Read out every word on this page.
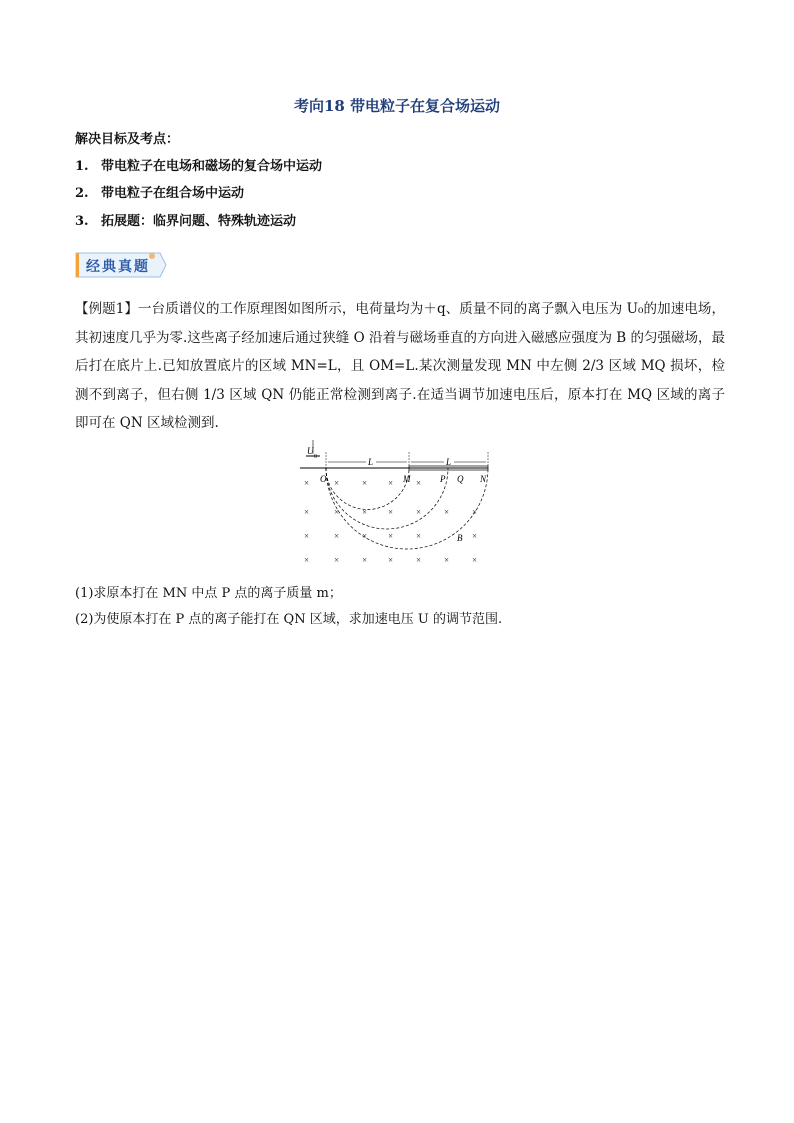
考向18 带电粒子在复合场运动
解决目标及考点：
1. 带电粒子在电场和磁场的复合场中运动
2. 带电粒子在组合场中运动
3. 拓展题：临界问题、特殊轨迹运动
经典真题
【例题1】一台质谱仪的工作原理图如图所示，电荷量均为＋q、质量不同的离子飘入电压为 U₀的加速电场，其初速度几乎为零.这些离子经加速后通过狭缝 O 沿着与磁场垂直的方向进入磁感应强度为 B 的匀强磁场，最后打在底片上.已知放置底片的区域 MN=L，且 OM=L.某次测量发现 MN 中左侧 2/3 区域 MQ 损坏，检测不到离子，但右侧 1/3 区域 QN 仍能正常检测到离子.在适当调节加速电压后，原本打在 MQ 区域的离子即可在 QN 区域检测到.
U
0	L	L
O	M	P Q N
B
×	×	× ×	×
×	×	× ×	×	×	×
×	×	× ×	×	×
×	×	× ×	×	×	×
(1)求原本打在 MN 中点 P 点的离子质量 m；
(2)为使原本打在 P 点的离子能打在 QN 区域，求加速电压 U 的调节范围.
